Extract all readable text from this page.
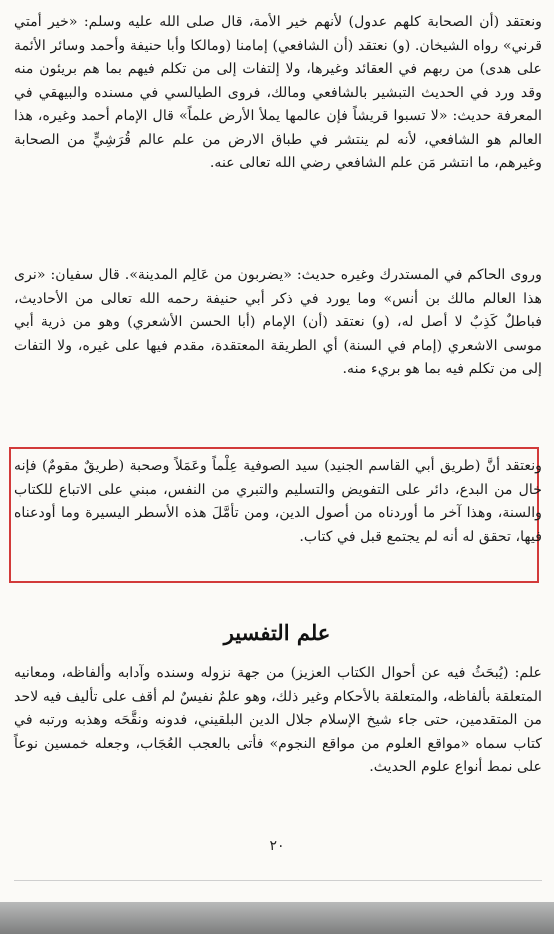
ونعتقد (أن الصحابة كلهم عدول) لأنهم خير الأمة، قال صلى الله عليه وسلم: «خير أمتي قرني» رواه الشيخان. (و) نعتقد (أن الشافعي) إمامنا (ومالكا وأبا حنيفة وأحمد وسائر الأئمة على هدى) من ربهم في العقائد وغيرها، ولا إلتفات إلى من تكلم فيهم بما هم بريئون منه وقد ورد في الحديث التبشير بالشافعي ومالك، فروى الطيالسي في مسنده والبيهقي في المعرفة حديث: «لا تسبوا قريشاً فإن عالمها يملأ الأرض علماً» قال الإمام أحمد وغيره، هذا العالم هو الشافعي، لأنه لم ينتشر في طباق الارض من علم عالم قُرَشِيٍّ من الصحابة وغيرهم، ما انتشر مَن علم الشافعي رضي الله تعالى عنه.

وروى الحاكم في المستدرك وغيره حديث: «يضربون من عَالِم المدينة». قال سفيان: «نرى هذا العالم مالك بن أنس» وما يورد في ذكر أبي حنيفة رحمه الله تعالى من الأحاديث، فباطلٌ كَذِبٌ لا أصل له، (و) نعتقد (أن) الإمام (أبا الحسن الأشعري) وهو من ذرية أبي موسى الاشعري (إمام في السنة) أي الطريقة المعتقدة، مقدم فيها على غيره، ولا التفات إلى من تكلم فيه بما هو بريء منه.

ونعتقد أنَّ (طريق أبي القاسم الجنيد) سيد الصوفية عِلْماً وعَمَلاً وصحبة (طريقٌ مقومٌ) فإنه خال من البدع، دائر على التفويض والتسليم والتبري من النفس، مبني على الاتباع للكتاب والسنة، وهذا آخر ما أوردناه من أصول الدين، ومن تأمَّلَ هذه الأسطر اليسيرة وما أودعناه فيها، تحقق له أنه لم يجتمع قبل في كتاب.

علم التفسير

علم: (يُبحَثُ فيه عن أحوال الكتاب العزيز) من جهة نزوله وسنده وآدابه وألفاظه، ومعانيه المتعلقة بألفاظه، والمتعلقة بالأحكام وغير ذلك، وهو علمٌ نفيسٌ لم أقف على تأليف فيه لاحد من المتقدمين، حتى جاء شيخ الإسلام جلال الدين البلقيني، فدونه ونقَّحَه وهذبه ورتبه في كتاب سماه «مواقع العلوم من مواقع النجوم» فأتى بالعجب العُجَاب، وجعله خمسين نوعاً على نمط أنواع علوم الحديث.

٢٠
